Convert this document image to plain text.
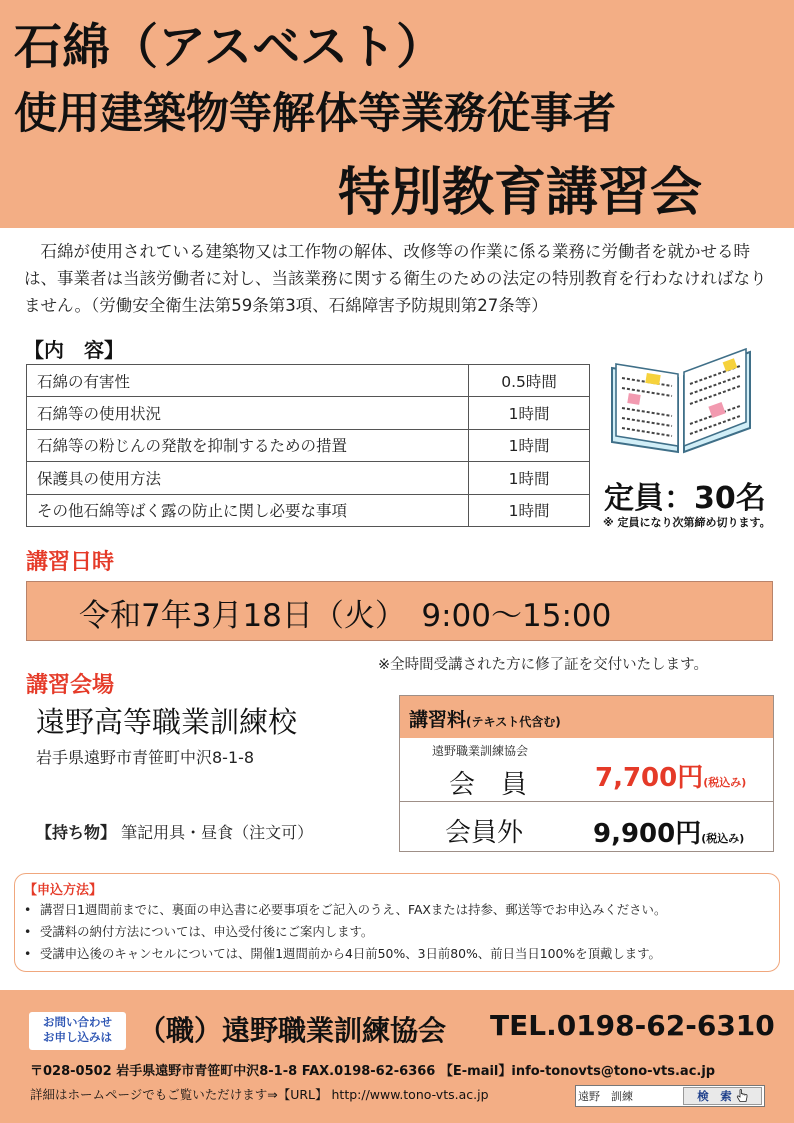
石綿（アスベスト）
使用建築物等解体等業務従事者
特別教育講習会

　石綿が使用されている建築物又は工作物の解体、改修等の作業に係る業務に労働者を就かせる時は、事業者は当該労働者に対し、当該業務に関する衛生のための法定の特別教育を行わなければなりません。（労働安全衛生法第59条第3項、石綿障害予防規則第27条等）

【内　容】
石綿の有害性	0.5時間
石綿等の使用状況	1時間
石綿等の粉じんの発散を抑制するための措置	1時間
保護具の使用方法	1時間
その他石綿等ばく露の防止に関し必要な事項	1時間 定員：30名
※ 定員になり次第締め切ります。
講習日時
令和7年3月18日（火）　9:00～15:00
※全時間受講された方に修了証を交付いたします。
講習会場
遠野高等職業訓練校
岩手県遠野市青笹町中沢8-1-8
【持ち物】 筆記用具・昼食（注文可）
講習料(テキスト代含む)
遠野職業訓練協会
会　員	7,700円(税込み)
会員外	9,900円(税込み)
【申込方法】
• 講習日1週間前までに、裏面の申込書に必要事項をご記入のうえ、FAXまたは持参、郵送等でお申込みください。
• 受講料の納付方法については、申込受付後にご案内します。
• 受講申込後のキャンセルについては、開催1週間前から4日前50%、3日前80%、前日当日100%を頂戴します。
お問い合わせ
お申し込みは （職）遠野職業訓練協会 TEL.0198-62-6310
〒028-0502 岩手県遠野市青笹町中沢8-1-8 FAX.0198-62-6366 【E-mail】info-tonovts@tono-vts.ac.jp
詳細はホームページでもご覧いただけます⇒【URL】 http://www.tono-vts.ac.jp
遠野　訓練	検　索
